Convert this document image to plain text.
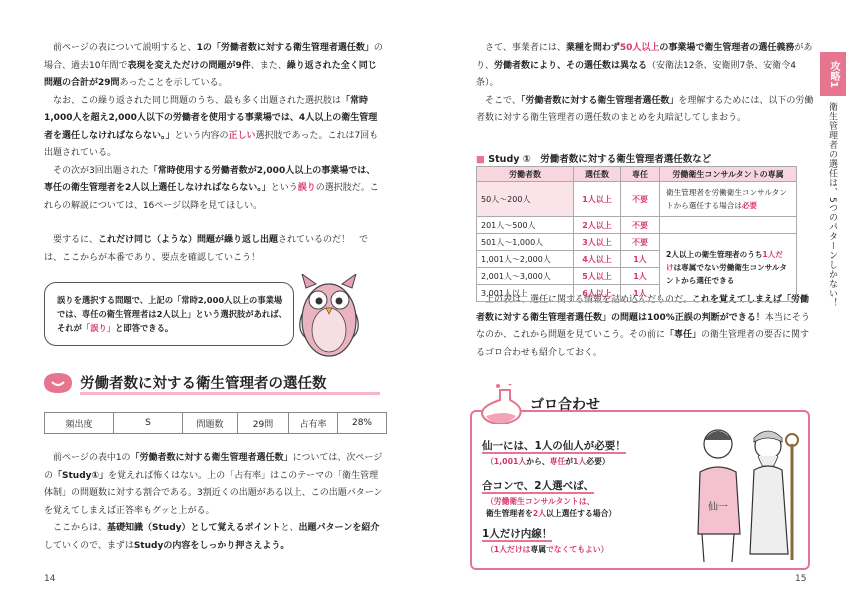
前ページの表について説明すると、1の「労働者数に対する衛生管理者選任数」の場合、過去10年間で表現を変えただけの問題が9件、また、繰り返された全く同じ問題の合計が29問あったことを示している。

なお、この繰り返された同じ問題のうち、最も多く出題された選択肢は「常時1,000人を超え2,000人以下の労働者を使用する事業場では、4人以上の衛生管理者を選任しなければならない。」という内容の正しい選択肢であった。これは7回も出題されている。

その次が3回出題された「常時使用する労働者数が2,000人以上の事業場では、専任の衛生管理者を2人以上選任しなければならない。」という誤りの選択肢だ。これらの解説については、16ページ以降を見てほしい。

要するに、これだけ同じ（ような）問題が繰り返し出題されているのだ！　では、ここからが本番であり、要点を確認していこう！

誤りを選択する問題で、上記の「常時2,000人以上の事業場では、専任の衛生管理者は2人以上」という選択肢があれば、それが「誤り」と即答できる。
労働者数に対する衛生管理者の選任数
頻出度	S	問題数	29問	占有率	28%

前ページの表中1の「労働者数に対する衛生管理者選任数」については、次ページの「Study①」を覚えれば怖くはない。上の「占有率」はこのテーマの「衛生管理体制」の問題数に対する割合である。3割近くの出題がある以上、この出題パターンを覚えてしまえば正答率もグッと上がる。

ここからは、基礎知識（Study）として覚えるポイントと、出題パターンを紹介していくので、まずはStudyの内容をしっかり押さえよう。

14

さて、事業者には、業種を問わず50人以上の事業場で衛生管理者の選任義務があり、労働者数により、その選任数は異なる（安衛法12条、安衛則7条、安衛令4条）。

そこで、「労働者数に対する衛生管理者選任数」を理解するためには、以下の労働者数に対する衛生管理者の選任数のまとめを丸暗記してしまおう。

上の表は、選任に関する情報を詰め込んだものだ。これを覚えてしまえば「労働者数に対する衛生管理者選任数」の問題は100%正誤の判断ができる！本当にそうなのか、これから問題を見ていこう。その前に「専任」の衛生管理者の要否に関するゴロ合わせも紹介しておく。

15
■ Study ①　労働者数に対する衛生管理者選任数など
労働者数	選任数	専任	労働衛生コンサルタントの専属
50人～200人	1人以上	不要	衛生管理者を労働衛生コンサルタントから選任する場合は必要
201人～500人	2人以上	不要	
501人～1,000人	3人以上	不要	2人以上の衛生管理者のうち1人だけは専属でない労働衛生コンサルタントから選任できる
1,001人～2,000人	4人以上	1人	
2,001人～3,000人	5人以上	1人	
3,001人以上	6人以上	1人	
攻略1
衛生管理者の選任は、5つのパターンしかない！
仙一には、1人の仙人が必要！
（1,001人から、専任が1人必要）
合コンで、2人選べば、
（労働衛生コンサルタントは、
衛生管理者を2人以上選任する場合）
1人だけ内線！
（1人だけは専属でなくてもよい）
ゴロ合わせ
仙一
